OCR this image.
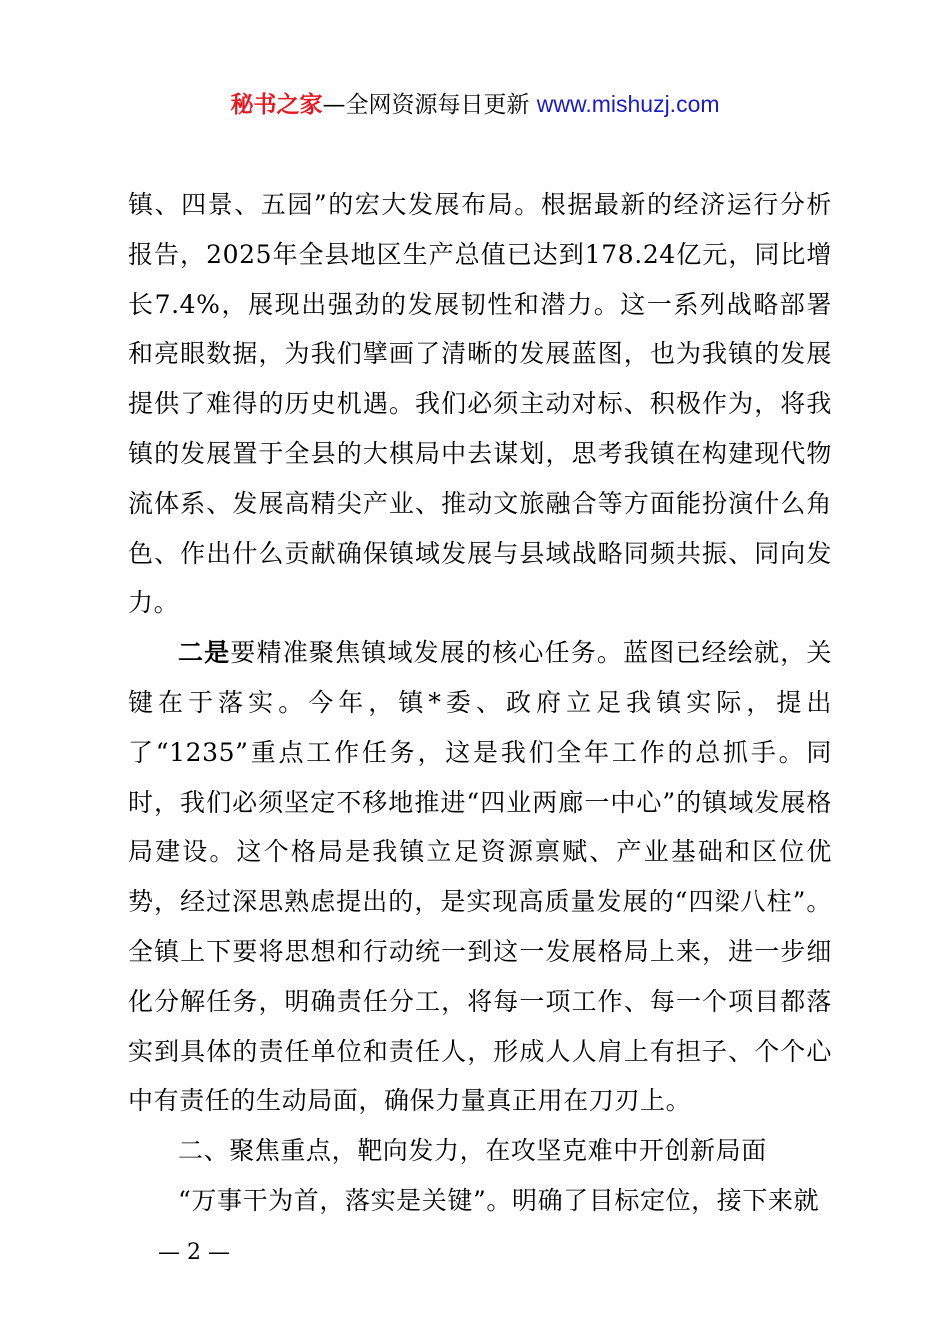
秘书之家—全网资源每日更新 www.mishuzj.com

镇、四景、五园”的宏大发展布局。根据最新的经济运行分析报告，2025年全县地区生产总值已达到178.24亿元，同比增长7.4%，展现出强劲的发展韧性和潜力。这一系列战略部署和亮眼数据，为我们擘画了清晰的发展蓝图，也为我镇的发展提供了难得的历史机遇。我们必须主动对标、积极作为，将我镇的发展置于全县的大棋局中去谋划，思考我镇在构建现代物流体系、发展高精尖产业、推动文旅融合等方面能扮演什么角色、作出什么贡献确保镇域发展与县域战略同频共振、同向发力。

二是要精准聚焦镇域发展的核心任务。蓝图已经绘就，关键在于落实。今年，镇*委、政府立足我镇实际，提出了“1235”重点工作任务，这是我们全年工作的总抓手。同时，我们必须坚定不移地推进“四业两廊一中心”的镇域发展格局建设。这个格局是我镇立足资源禀赋、产业基础和区位优势，经过深思熟虑提出的，是实现高质量发展的“四梁八柱”。全镇上下要将思想和行动统一到这一发展格局上来，进一步细化分解任务，明确责任分工，将每一项工作、每一个项目都落实到具体的责任单位和责任人，形成人人肩上有担子、个个心中有责任的生动局面，确保力量真正用在刀刃上。

二、聚焦重点，靶向发力，在攻坚克难中开创新局面

“万事干为首，落实是关键”。明确了目标定位，接下来就

— 2 —
